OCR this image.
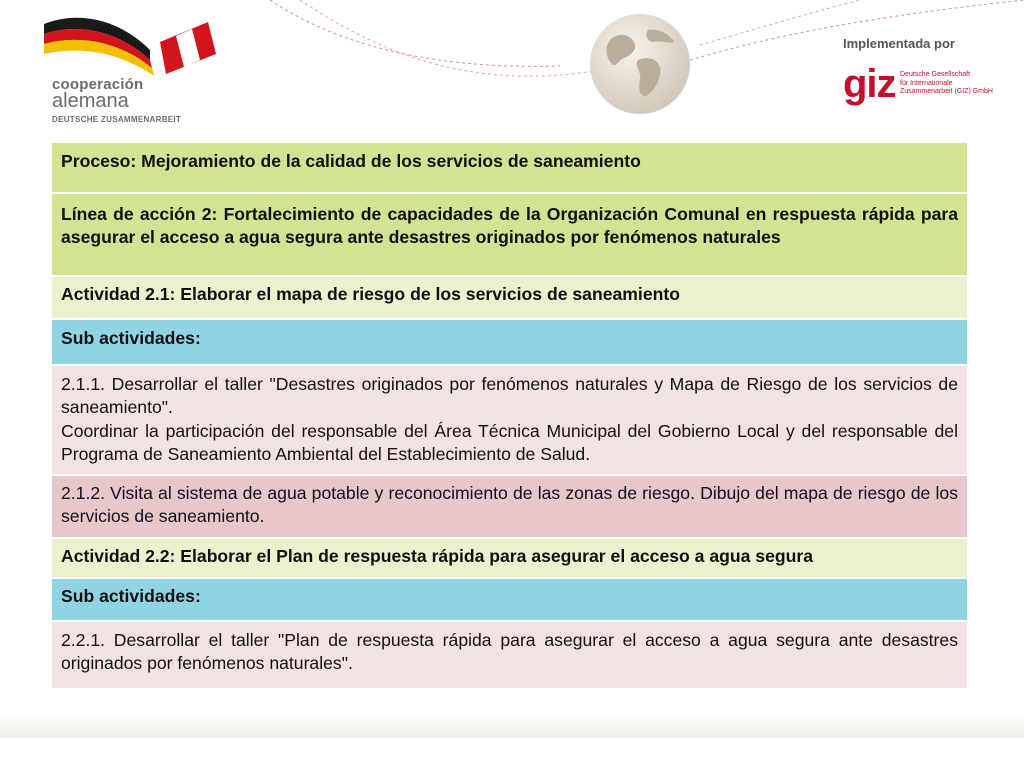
cooperación
alemana
DEUTSCHE ZUSAMMENARBEIT
Implementada por
giz Deutsche Gesellschaft
für Internationale
Zusammenarbeit (GIZ) GmbH
Proceso: Mejoramiento de la calidad de los servicios de saneamiento
Línea de acción 2: Fortalecimiento de capacidades de la Organización Comunal en respuesta rápida para asegurar el acceso a agua segura ante desastres originados por fenómenos naturales
Actividad 2.1: Elaborar el mapa de riesgo de los servicios de saneamiento
Sub actividades:
2.1.1. Desarrollar el taller "Desastres originados por fenómenos naturales y Mapa de Riesgo de los servicios de saneamiento".
Coordinar la participación del responsable del Área Técnica Municipal del Gobierno Local y del responsable del Programa de Saneamiento Ambiental del Establecimiento de Salud.
2.1.2. Visita al sistema de agua potable y reconocimiento de las zonas de riesgo. Dibujo del mapa de riesgo de los servicios de saneamiento.
Actividad 2.2: Elaborar el Plan de respuesta rápida para asegurar el acceso a agua segura
Sub actividades:
2.2.1. Desarrollar el taller "Plan de respuesta rápida para asegurar el acceso a agua segura ante desastres originados por fenómenos naturales".
